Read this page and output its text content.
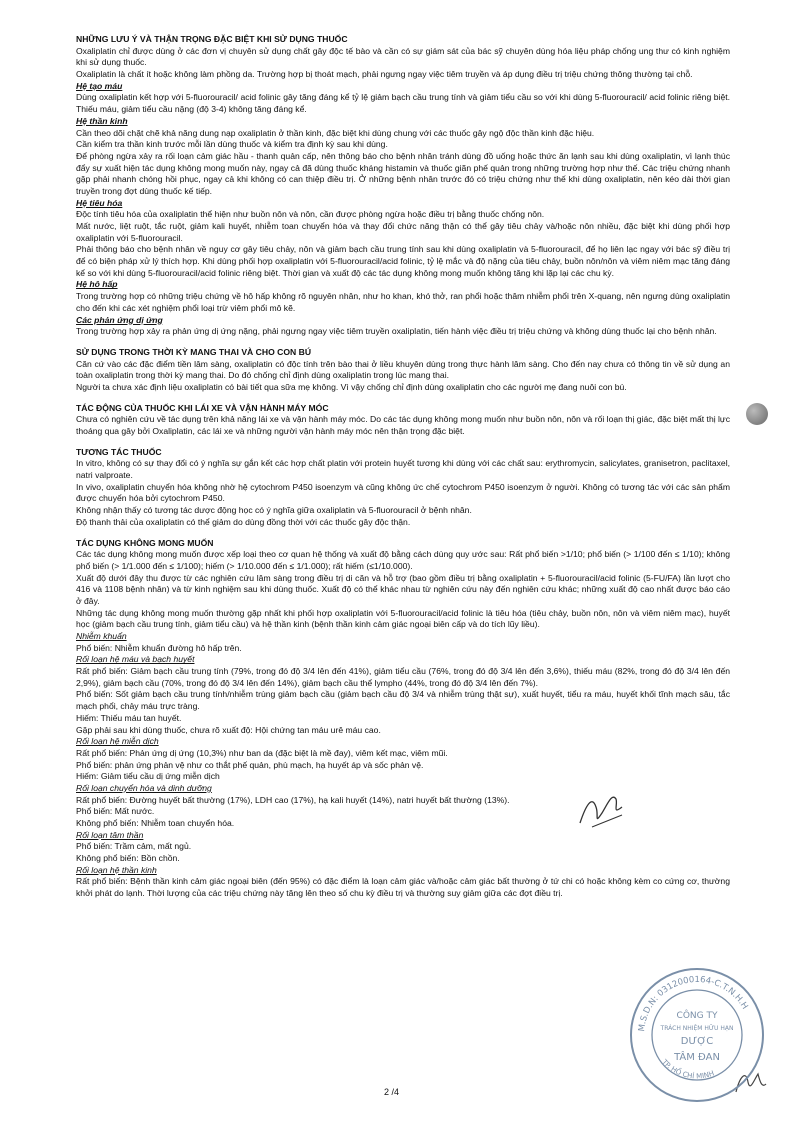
NHỮNG LƯU Ý VÀ THẬN TRỌNG ĐẶC BIỆT KHI SỬ DỤNG THUỐC

Oxaliplatin chỉ được dùng ở các đơn vị chuyên sử dụng chất gây độc tế bào và cần có sự giám sát của bác sỹ chuyên dùng hóa liệu pháp chống ung thư có kinh nghiệm khi sử dụng thuốc.

Oxaliplatin là chất ít hoặc không làm phồng da. Trường hợp bị thoát mạch, phải ngưng ngay việc tiêm truyền và áp dụng điều trị triệu chứng thông thường tại chỗ.

Hệ tạo máu

Dùng oxaliplatin kết hợp với 5-fluorouracil/ acid folinic gây tăng đáng kể tỷ lệ giảm bạch cầu trung tính và giảm tiểu cầu so với khi dùng 5-fluorouracil/ acid folinic riêng biệt. Thiếu máu, giảm tiểu cầu nặng (độ 3-4) không tăng đáng kể.

Hệ thần kinh

Cần theo dõi chặt chẽ khả năng dung nạp oxaliplatin ở thần kinh, đặc biệt khi dùng chung với các thuốc gây ngộ độc thần kinh đặc hiệu.

Cần kiểm tra thần kinh trước mỗi lần dùng thuốc và kiểm tra định kỳ sau khi dùng.

Để phòng ngừa xảy ra rối loạn cảm giác hầu - thanh quản cấp, nên thông báo cho bệnh nhân tránh dùng đồ uống hoặc thức ăn lạnh sau khi dùng oxaliplatin, vì lạnh thúc đẩy sự xuất hiện tác dụng không mong muốn này, ngay cả đã dùng thuốc kháng histamin và thuốc giãn phế quản trong những trường hợp như thế. Các triệu chứng nhanh gặp phải nhanh chóng hồi phục, ngay cả khi không có can thiệp điều trị. Ở những bệnh nhân trước đó có triệu chứng như thế khi dùng oxaliplatin, nên kéo dài thời gian truyền trong đợt dùng thuốc kế tiếp.

Hệ tiêu hóa

Độc tính tiêu hóa của oxaliplatin thể hiện như buồn nôn và nôn, cần được phòng ngừa hoặc điều trị bằng thuốc chống nôn.

Mất nước, liệt ruột, tắc ruột, giảm kali huyết, nhiễm toan chuyển hóa và thay đổi chức năng thận có thể gây tiêu chảy và/hoặc nôn nhiều, đặc biệt khi dùng phối hợp oxaliplatin với 5-fluorouracil.

Phải thông báo cho bệnh nhân về nguy cơ gây tiêu chảy, nôn và giảm bạch cầu trung tính sau khi dùng oxaliplatin và 5-fluorouracil, để họ liên lạc ngay với bác sỹ điều trị để có biện pháp xử lý thích hợp. Khi dùng phối hợp oxaliplatin với 5-fluorouracil/acid folinic, tỷ lệ mắc và độ nặng của tiêu chảy, buồn nôn/nôn và viêm niêm mạc tăng đáng kể so với khi dùng 5-fluorouracil/acid folinic riêng biệt. Thời gian và xuất độ các tác dụng không mong muốn không tăng khi lặp lại các chu kỳ.

Hệ hô hấp

Trong trường hợp có những triệu chứng về hô hấp không rõ nguyên nhân, như ho khan, khó thở, ran phổi hoặc thâm nhiễm phổi trên X-quang, nên ngưng dùng oxaliplatin cho đến khi các xét nghiệm phổi loại trừ viêm phổi mô kẽ.

Các phản ứng dị ứng

Trong trường hợp xảy ra phản ứng dị ứng nặng, phải ngưng ngay việc tiêm truyền oxaliplatin, tiến hành việc điều trị triệu chứng và không dùng thuốc lại cho bệnh nhân.

SỬ DỤNG TRONG THỜI KỲ MANG THAI VÀ CHO CON BÚ

Căn cứ vào các đặc điểm tiền lâm sàng, oxaliplatin có độc tính trên bào thai ở liều khuyên dùng trong thực hành lâm sàng. Cho đến nay chưa có thông tin về sử dụng an toàn oxaliplatin trong thời kỳ mang thai. Do đó chống chỉ định dùng oxaliplatin trong lúc mang thai.

Người ta chưa xác định liệu oxaliplatin có bài tiết qua sữa mẹ không. Vì vậy chống chỉ định dùng oxaliplatin cho các người mẹ đang nuôi con bú.

TÁC ĐỘNG CỦA THUỐC KHI LÁI XE VÀ VẬN HÀNH MÁY MÓC

Chưa có nghiên cứu về tác dụng trên khả năng lái xe và vận hành máy móc. Do các tác dụng không mong muốn như buồn nôn, nôn và rối loạn thị giác, đặc biệt mất thị lực thoáng qua gây bởi Oxaliplatin, các lái xe và những người vận hành máy móc nên thận trọng đặc biệt.

TƯƠNG TÁC THUỐC

In vitro, không có sự thay đổi có ý nghĩa sự gắn kết các hợp chất platin với protein huyết tương khi dùng với các chất sau: erythromycin, salicylates, granisetron, paclitaxel, natri valproate.

In vivo, oxaliplatin chuyển hóa không nhờ hệ cytochrom P450 isoenzym và cũng không ức chế cytochrom P450 isoenzym ở người. Không có tương tác với các sản phẩm được chuyển hóa bởi cytochrom P450.

Không nhận thấy có tương tác dược động học có ý nghĩa giữa oxaliplatin và 5-fluorouracil ở bệnh nhân.

Độ thanh thải của oxaliplatin có thể giảm do dùng đồng thời với các thuốc gây độc thận.

TÁC DỤNG KHÔNG MONG MUỐN

Các tác dụng không mong muốn được xếp loại theo cơ quan hệ thống và xuất độ bằng cách dùng quy ước sau: Rất phổ biến >1/10; phổ biến (> 1/100 đến ≤ 1/10); không phổ biến (> 1/1.000 đến ≤ 1/100); hiếm (> 1/10.000 đến ≤ 1/1.000); rất hiếm (≤1/10.000).

Xuất độ dưới đây thu được từ các nghiên cứu lâm sàng trong điều trị di căn và hỗ trợ (bao gồm điều trị bằng oxaliplatin + 5-fluorouracil/acid folinic (5-FU/FA) lần lượt cho 416 và 1108 bệnh nhân) và từ kinh nghiệm sau khi dùng thuốc. Xuất độ có thể khác nhau từ nghiên cứu này đến nghiên cứu khác; những xuất độ cao nhất được báo cáo ở đây.

Những tác dụng không mong muốn thường gặp nhất khi phối hợp oxaliplatin với 5-fluorouracil/acid folinic là tiêu hóa (tiêu chảy, buồn nôn, nôn và viêm niêm mạc), huyết học (giảm bạch cầu trung tính, giảm tiểu cầu) và hệ thần kinh (bệnh thần kinh cảm giác ngoại biên cấp và do tích lũy liều).

Nhiễm khuẩn

Phổ biến: Nhiễm khuẩn đường hô hấp trên.

Rối loạn hệ máu và bạch huyết

Rất phổ biến: Giảm bạch cầu trung tính (79%, trong đó độ 3/4 lên đến 41%), giảm tiểu cầu (76%, trong đó độ 3/4 lên đến 3,6%), thiếu máu (82%, trong đó độ 3/4 lên đến 2,9%), giảm bạch cầu (70%, trong đó độ 3/4 lên đến 14%), giảm bạch cầu thể lympho (44%, trong đó độ 3/4 lên đến 7%).

Phổ biến: Sốt giảm bạch cầu trung tính/nhiễm trùng giảm bạch cầu (giảm bạch cầu độ 3/4 và nhiễm trùng thật sự), xuất huyết, tiểu ra máu, huyết khối tĩnh mạch sâu, tắc mạch phổi, chảy máu trực tràng.

Hiếm: Thiếu máu tan huyết.

Gặp phải sau khi dùng thuốc, chưa rõ xuất độ: Hội chứng tan máu urê máu cao.

Rối loạn hệ miễn dịch

Rất phổ biến: Phản ứng dị ứng (10,3%) như ban da (đặc biệt là mề đay), viêm kết mạc, viêm mũi.

Phổ biến: phản ứng phản vệ như co thắt phế quản, phù mạch, hạ huyết áp và sốc phản vệ.

Hiếm: Giảm tiểu cầu dị ứng miễn dịch

Rối loạn chuyển hóa và dinh dưỡng

Rất phổ biến: Đường huyết bất thường (17%), LDH cao (17%), hạ kali huyết (14%), natri huyết bất thường (13%).

Phổ biến: Mất nước.

Không phổ biến: Nhiễm toan chuyển hóa.

Rối loạn tâm thần

Phổ biến: Trầm cảm, mất ngủ.

Không phổ biến: Bồn chồn.

Rối loạn hệ thần kinh

Rất phổ biến: Bệnh thần kinh cảm giác ngoại biên (đến 95%) có đặc điểm là loạn cảm giác và/hoặc cảm giác bất thường ở tứ chi có hoặc không kèm co cứng cơ, thường khởi phát do lạnh. Thời lượng của các triệu chứng này tăng lên theo số chu kỳ điều trị và thường suy giảm giữa các đợt điều trị.

2 /4
M.S.D.N: 0312000164-C.T.N.H.H
TP. HỒ CHÍ MINH
CÔNG TY
TRÁCH NHIỆM HỮU HẠN
DƯỢC
TÂM ĐAN
